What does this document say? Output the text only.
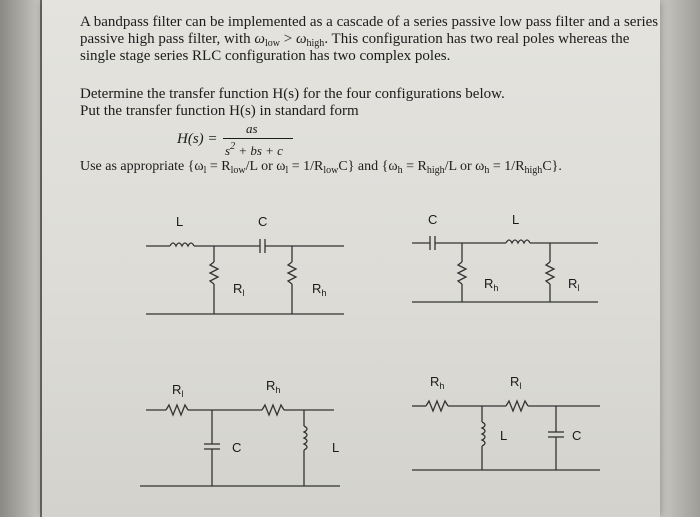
A bandpass filter can be implemented as a cascade of a series passive low pass filter and a series
passive high pass filter, with $\omega_{low} > \omega_{high}$. This configuration has two real poles whereas the
single stage series RLC configuration has two complex poles.
Determine the transfer function H(s) for the four configurations below.
Put the transfer function H(s) in standard form
H(s) =
as
$s^2$ + bs + c
Use as appropriate {$\omega_l = R_{low}/L$ or $\omega_l = 1/R_{low}C$} and {$\omega_h = R_{high}/L$ or $\omega_h = 1/R_{high}C$}.
L	C
$R_l$	$R_h$
C	L
$R_h$	$R_l$
$R_l$
$R_h$
C	L
$R_h$	$R_l$
L	C
